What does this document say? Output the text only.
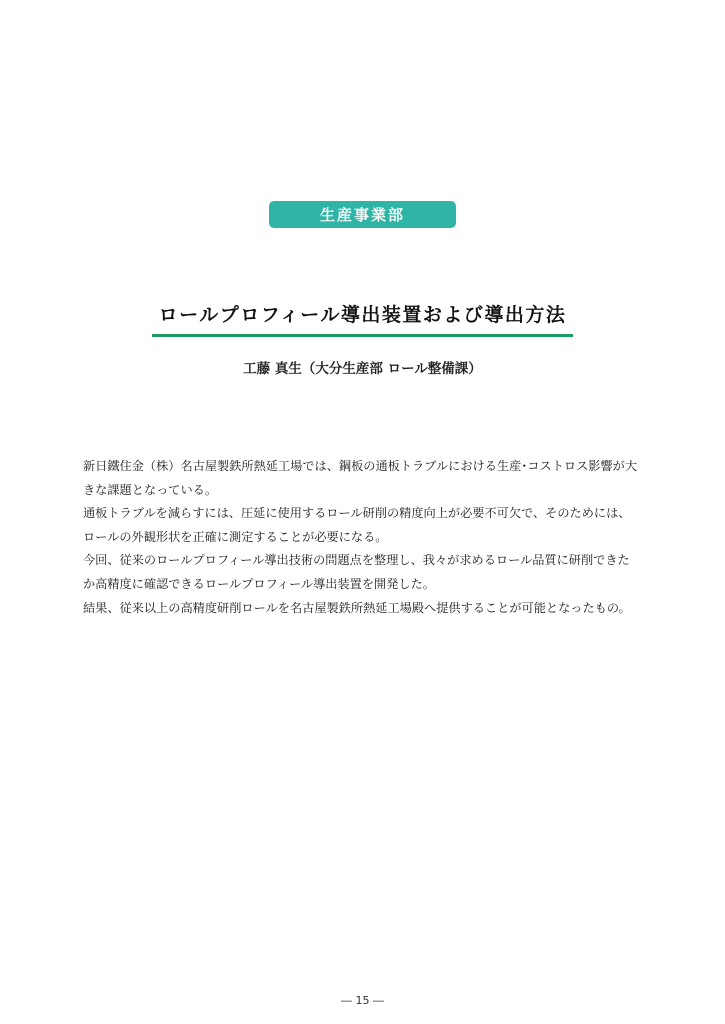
生産事業部
ロールプロフィール導出装置および導出方法
工藤 真生（大分生産部 ロール整備課）

新日鐵住金（株）名古屋製鉄所熱延工場では、鋼板の通板トラブルにおける生産･コストロス影響が大

きな課題となっている。

通板トラブルを減らすには、圧延に使用するロール研削の精度向上が必要不可欠で、そのためには、

ロールの外観形状を正確に測定することが必要になる。

今回、従来のロールプロフィール導出技術の問題点を整理し、我々が求めるロール品質に研削できた

か高精度に確認できるロールプロフィール導出装置を開発した。

結果、従来以上の高精度研削ロールを名古屋製鉄所熱延工場殿へ提供することが可能となったもの。

― 15 ―
